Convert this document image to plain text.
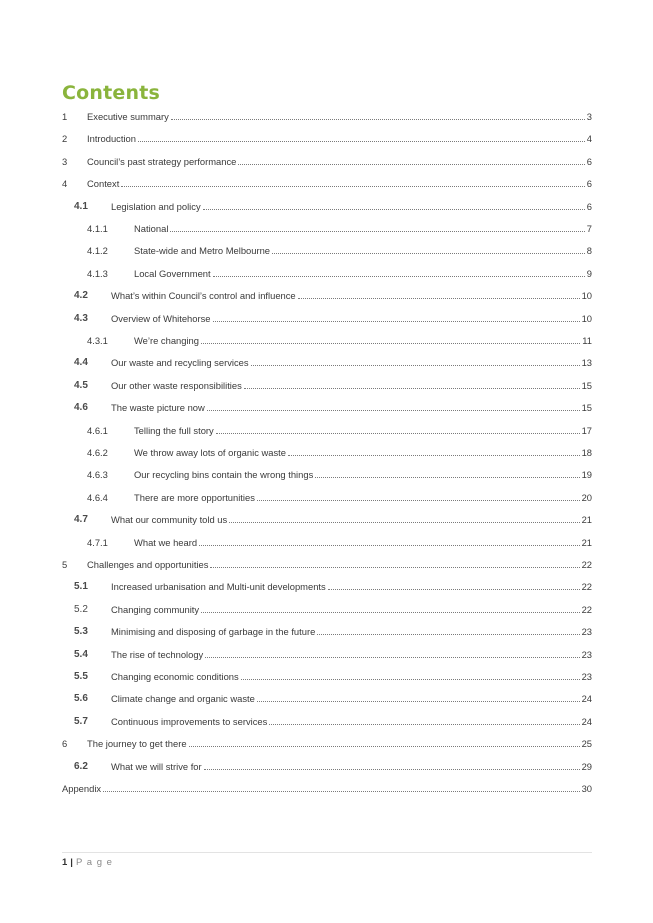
Contents
1	Executive summary	3
2	Introduction	4
3	Council’s past strategy performance	6
4	Context	6
4.1	Legislation and policy	6
4.1.1	National	7
4.1.2	State-wide and Metro Melbourne	8
4.1.3	Local Government	9
4.2	What’s within Council’s control and influence	10
4.3	Overview of Whitehorse	10
4.3.1	We’re changing	11
4.4	Our waste and recycling services	13
4.5	Our other waste responsibilities	15
4.6	The waste picture now	15
4.6.1	Telling the full story	17
4.6.2	We throw away lots of organic waste	18
4.6.3	Our recycling bins contain the wrong things	19
4.6.4	There are more opportunities	20
4.7	What our community told us	21
4.7.1	What we heard	21
5	Challenges and opportunities	22
5.1	Increased urbanisation and Multi-unit developments	22
5.2	Changing community	22
5.3	Minimising and disposing of garbage in the future	23
5.4	The rise of technology	23
5.5	Changing economic conditions	23
5.6	Climate change and organic waste	24
5.7	Continuous improvements to services	24
6	The journey to get there	25
6.2	What we will strive for	29
Appendix	30
1 | P a g e
